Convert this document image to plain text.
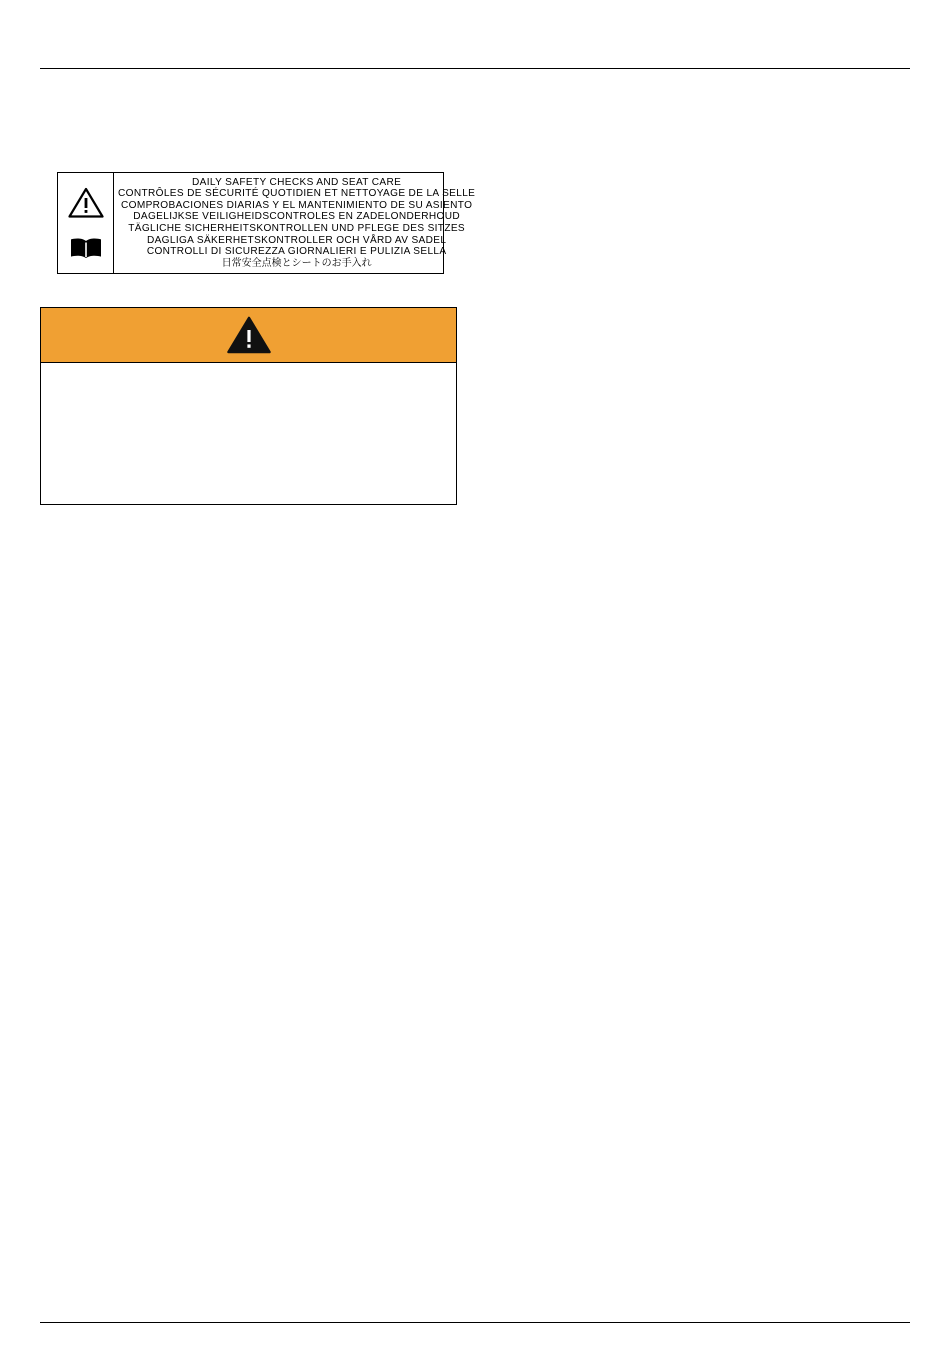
DAILY SAFETY CHECKS AND SEAT CARE
CONTRÔLES DE SÉCURITÉ QUOTIDIEN ET NETTOYAGE DE LA SELLE
COMPROBACIONES DIARIAS Y EL MANTENIMIENTO DE SU ASIENTO
DAGELIJKSE VEILIGHEIDSCONTROLES EN ZADELONDERHOUD
TÄGLICHE SICHERHEITSKONTROLLEN UND PFLEGE DES SITZES
DAGLIGA SÄKERHETSKONTROLLER OCH VÅRD AV SADEL
CONTROLLI DI SICUREZZA GIORNALIERI E PULIZIA SELLA
日常安全点検とシートのお手入れ
